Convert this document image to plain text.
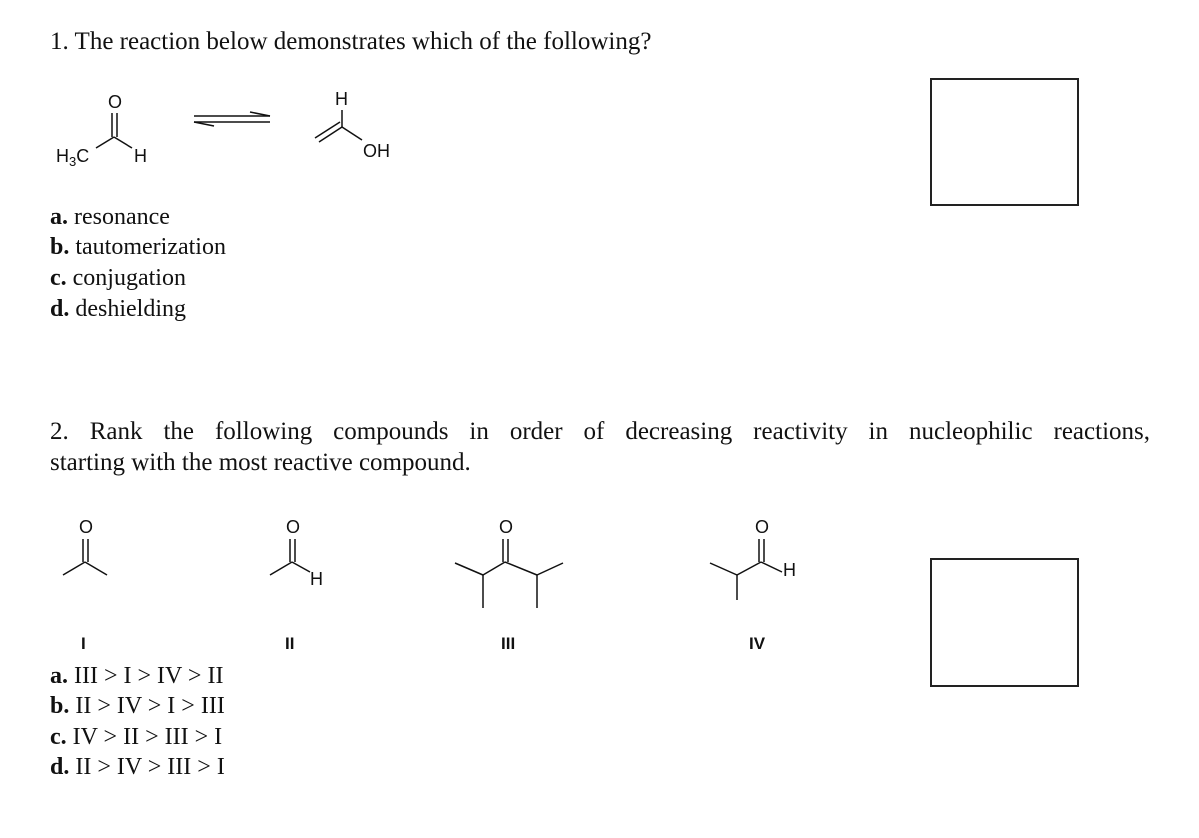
1. The reaction below demonstrates which of the following?
O
$H_3C$ H
H
OH
a. resonance
b. tautomerization
c. conjugation
d. deshielding
2. Rank the following compounds in order of decreasing reactivity in nucleophilic reactions,
starting with the most reactive compound.
O	O
H
O	O
H
I	II	III	IV
a. III > I > IV > II
b. II > IV > I > III
c. IV > II > III > I
d. II > IV > III > I
